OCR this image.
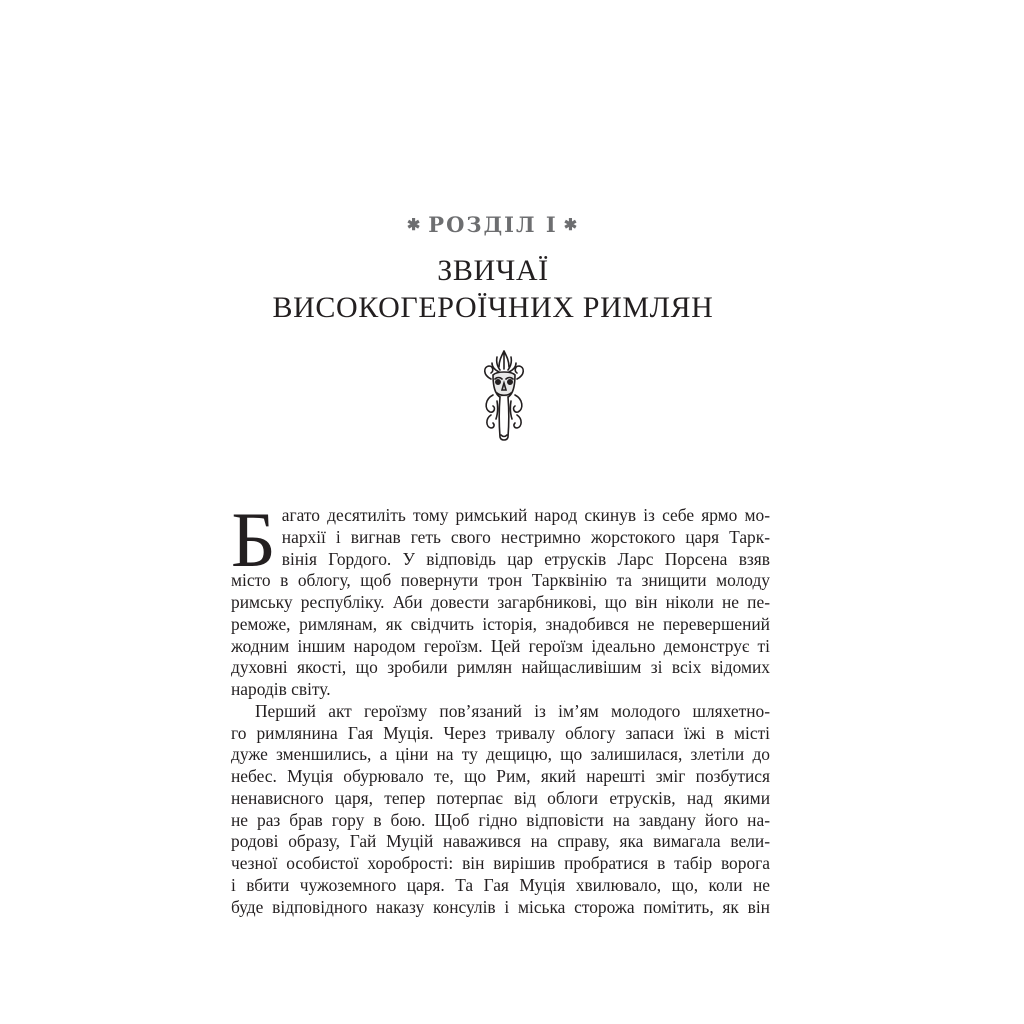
✱ РОЗДІЛ І ✱
ЗВИЧАЇ
ВИСОКОГЕРОЇЧНИХ РИМЛЯН
Б агато десятиліть тому римський народ скинув із себе ярмо мо-
нархії і вигнав геть свого нестримно жорстокого царя Тарк-
вінія Гордого. У відповідь цар етрусків Ларс Порсена взяв
місто в облогу, щоб повернути трон Тарквінію та знищити молоду
римську республіку. Аби довести загарбникові, що він ніколи не пе-
реможе, римлянам, як свідчить історія, знадобився не перевершений
жодним іншим народом героїзм. Цей героїзм ідеально демонструє ті
духовні якості, що зробили римлян найщасливішим зі всіх відомих
народів світу.
Перший акт героїзму пов’язаний із ім’ям молодого шляхетно-
го римлянина Гая Муція. Через тривалу облогу запаси їжі в місті
дуже зменшились, а ціни на ту дещицю, що залишилася, злетіли до
небес. Муція обурювало те, що Рим, який нарешті зміг позбутися
ненависного царя, тепер потерпає від облоги етрусків, над якими
не раз брав гору в бою. Щоб гідно відповісти на завдану його на-
родові образу, Гай Муцій наважився на справу, яка вимагала вели-
чезної особистої хоробрості: він вирішив пробратися в табір ворога
і вбити чужоземного царя. Та Гая Муція хвилювало, що, коли не
буде відповідного наказу консулів і міська сторожа помітить, як він
